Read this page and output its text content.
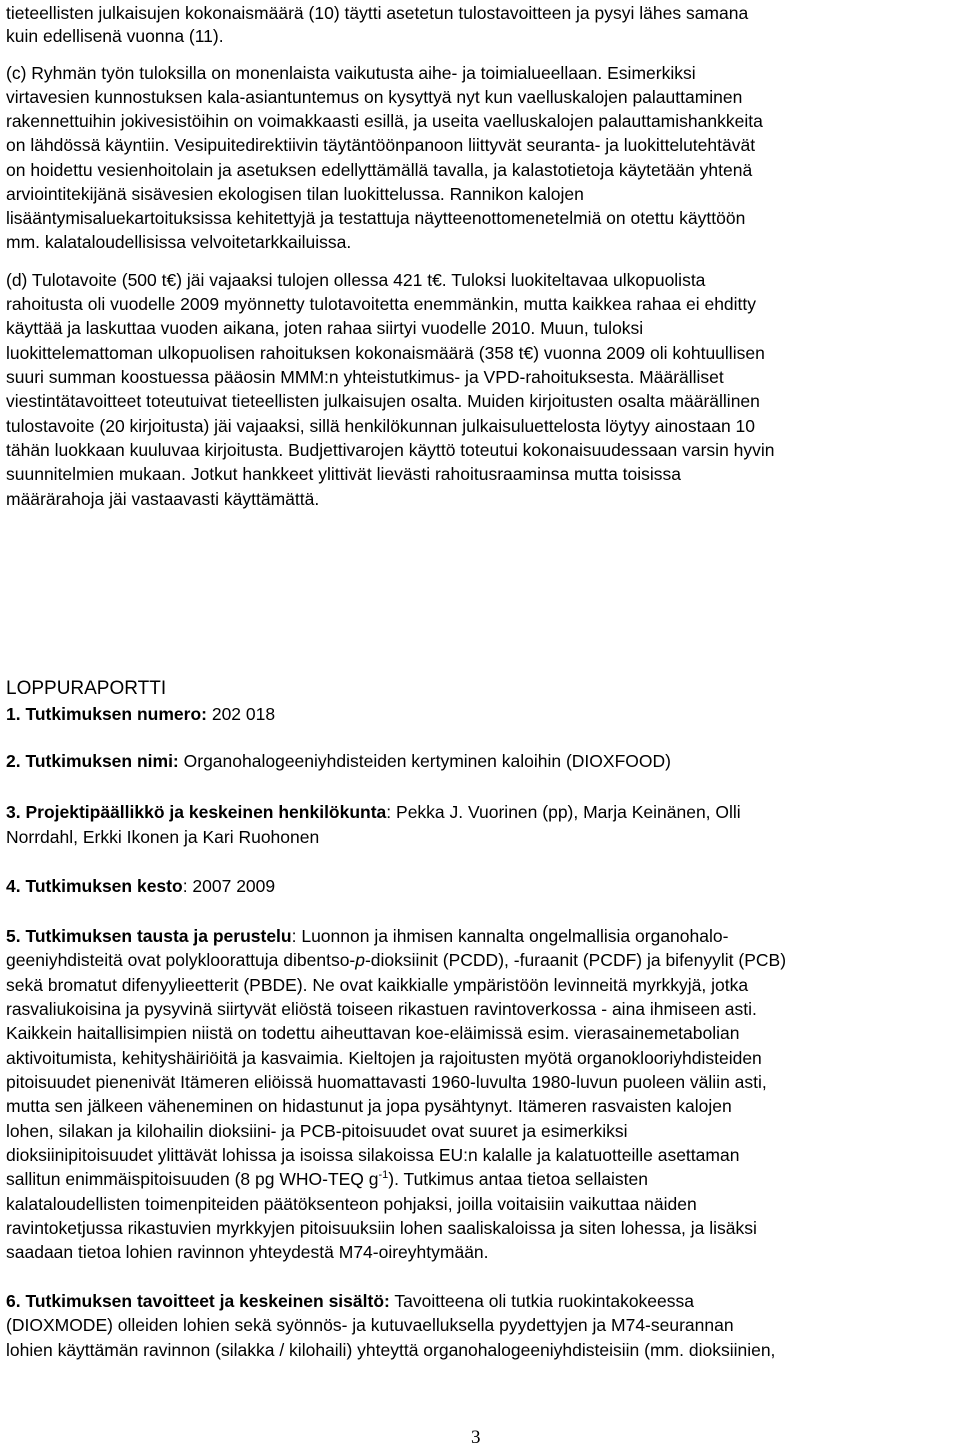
tieteellisten julkaisujen kokonaismäärä (10) täytti asetetun tulostavoitteen ja pysyi lähes samana
kuin edellisenä vuonna (11).
(c) Ryhmän työn tuloksilla on monenlaista vaikutusta aihe- ja toimialueellaan. Esimerkiksi
virtavesien kunnostuksen kala-asiantuntemus on kysyttyä nyt kun vaelluskalojen palauttaminen
rakennettuihin jokivesistöihin on voimakkaasti esillä, ja useita vaelluskalojen palauttamishankkeita
on lähdössä käyntiin. Vesipuitedirektiivin täytäntöönpanoon liittyvät seuranta- ja luokittelutehtävät
on hoidettu vesienhoitolain ja asetuksen edellyttämällä tavalla, ja kalastotietoja käytetään yhtenä
arviointitekijänä sisävesien ekologisen tilan luokittelussa. Rannikon kalojen
lisääntymisaluekartoituksissa kehitettyjä ja testattuja näytteenottomenetelmiä on otettu käyttöön
mm. kalataloudellisissa velvoitetarkkailuissa.
(d) Tulotavoite (500 t€) jäi vajaaksi tulojen ollessa 421 t€. Tuloksi luokiteltavaa ulkopuolista
rahoitusta oli vuodelle 2009 myönnetty tulotavoitetta enemmänkin, mutta kaikkea rahaa ei ehditty
käyttää ja laskuttaa vuoden aikana, joten rahaa siirtyi vuodelle 2010. Muun, tuloksi
luokittelemattoman ulkopuolisen rahoituksen kokonaismäärä (358 t€) vuonna 2009 oli kohtuullisen
suuri summan koostuessa pääosin MMM:n yhteistutkimus- ja VPD-rahoituksesta. Määrälliset
viestintätavoitteet toteutuivat tieteellisten julkaisujen osalta. Muiden kirjoitusten osalta määrällinen
tulostavoite (20 kirjoitusta) jäi vajaaksi, sillä henkilökunnan julkaisuluettelosta löytyy ainostaan 10
tähän luokkaan kuuluvaa kirjoitusta. Budjettivarojen käyttö toteutui kokonaisuudessaan varsin hyvin
suunnitelmien mukaan. Jotkut hankkeet ylittivät lievästi rahoitusraaminsa mutta toisissa
määrärahoja jäi vastaavasti käyttämättä.
LOPPURAPORTTI
1. Tutkimuksen numero: 202 018
2. Tutkimuksen nimi: Organohalogeeniyhdisteiden kertyminen kaloihin (DIOXFOOD)
3. Projektipäällikkö ja keskeinen henkilökunta: Pekka J. Vuorinen (pp), Marja Keinänen, Olli
Norrdahl, Erkki Ikonen ja Kari Ruohonen
4. Tutkimuksen kesto: 2007 2009
5. Tutkimuksen tausta ja perustelu: Luonnon ja ihmisen kannalta ongelmallisia organohalo-
geeniyhdisteitä ovat polykloorattuja dibentso-p-dioksiinit (PCDD), -furaanit (PCDF) ja bifenyylit (PCB)
sekä bromatut difenyylieetterit (PBDE). Ne ovat kaikkialle ympäristöön levinneitä myrkkyjä, jotka
rasvaliukoisina ja pysyvinä siirtyvät eliöstä toiseen rikastuen ravintoverkossa - aina ihmiseen asti.
Kaikkein haitallisimpien niistä on todettu aiheuttavan koe-eläimissä esim. vierasainemetabolian
aktivoitumista, kehityshäiriöitä ja kasvaimia. Kieltojen ja rajoitusten myötä organoklooriyhdisteiden
pitoisuudet pienenivät Itämeren eliöissä huomattavasti 1960-luvulta 1980-luvun puoleen väliin asti,
mutta sen jälkeen väheneminen on hidastunut ja jopa pysähtynyt. Itämeren rasvaisten kalojen
lohen, silakan ja kilohailin dioksiini- ja PCB-pitoisuudet ovat suuret ja esimerkiksi
dioksiinipitoisuudet ylittävät lohissa ja isoissa silakoissa EU:n kalalle ja kalatuotteille asettaman
sallitun enimmäispitoisuuden (8 pg WHO-TEQ $g^{-1}$). Tutkimus antaa tietoa sellaisten
kalataloudellisten toimenpiteiden päätöksenteon pohjaksi, joilla voitaisiin vaikuttaa näiden
ravintoketjussa rikastuvien myrkkyjen pitoisuuksiin lohen saaliskaloissa ja siten lohessa, ja lisäksi
saadaan tietoa lohien ravinnon yhteydestä M74-oireyhtymään.
6. Tutkimuksen tavoitteet ja keskeinen sisältö: Tavoitteena oli tutkia ruokintakokeessa
(DIOXMODE) olleiden lohien sekä syönnös- ja kutuvaelluksella pyydettyjen ja M74-seurannan
lohien käyttämän ravinnon (silakka / kilohaili) yhteyttä organohalogeeniyhdisteisiin (mm. dioksiinien,
3
